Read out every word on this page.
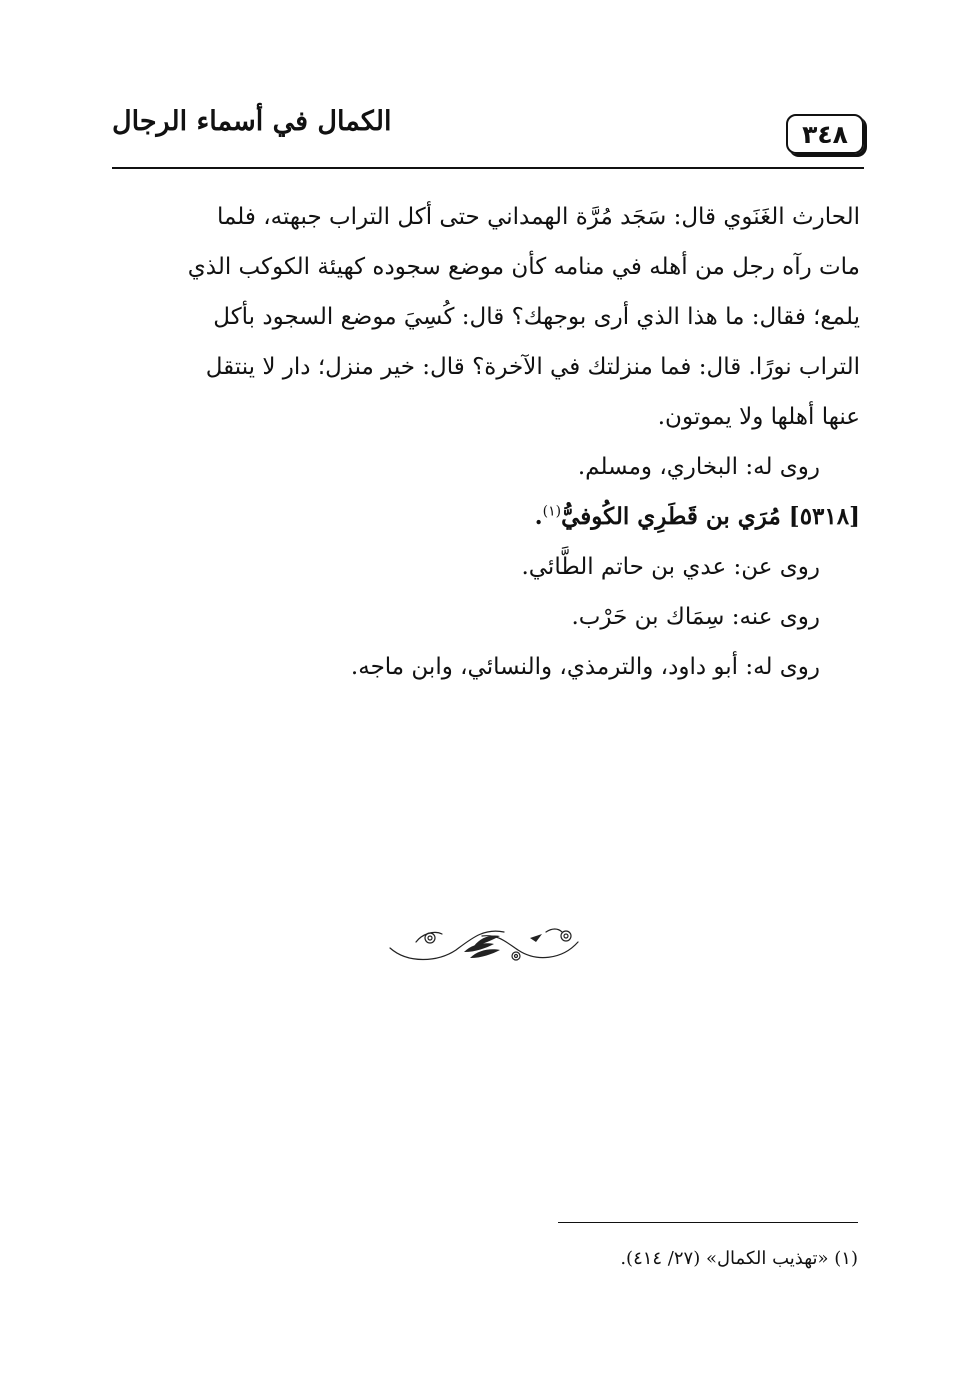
٣٤٨
الكمال في أسماء الرجال

الحارث الغَنَوي قال: سَجَد مُرَّة الهمداني حتى أكل التراب جبهته، فلما

مات رآه رجل من أهله في منامه كأن موضع سجوده كهيئة الكوكب الذي

يلمع؛ فقال: ما هذا الذي أرى بوجهك؟ قال: كُسِيَ موضع السجود بأكل

التراب نورًا. قال: فما منزلتك في الآخرة؟ قال: خير منزل؛ دار لا ينتقل

عنها أهلها ولا يموتون.

روى له: البخاري، ومسلم.

[٥٣١٨] مُرَي بن قَطَرِي الكُوفيُّ$^{(١)}$.

روى عن: عدي بن حاتم الطَّائي.

روى عنه: سِمَاك بن حَرْب.

روى له: أبو داود، والترمذي، والنسائي، وابن ماجه.

(١) «تهذيب الكمال» (٢٧/ ٤١٤).
